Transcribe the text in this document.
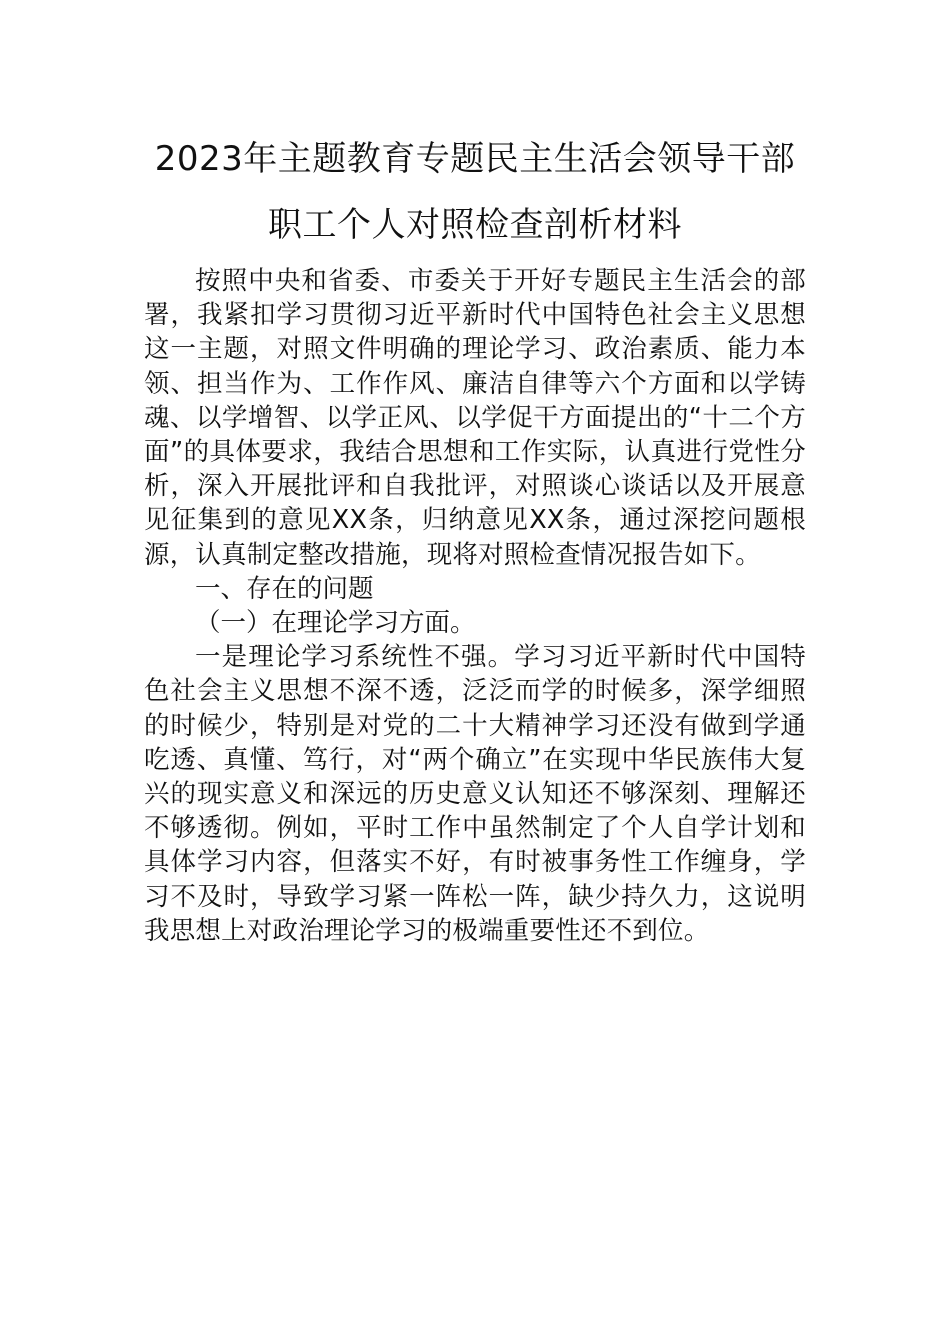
2023年主题教育专题民主生活会领导干部
职工个人对照检查剖析材料

按照中央和省委、市委关于开好专题民主生活会的部署，我紧扣学习贯彻习近平新时代中国特色社会主义思想这一主题，对照文件明确的理论学习、政治素质、能力本领、担当作为、工作作风、廉洁自律等六个方面和以学铸魂、以学增智、以学正风、以学促干方面提出的“十二个方面”的具体要求，我结合思想和工作实际，认真进行党性分析，深入开展批评和自我批评，对照谈心谈话以及开展意见征集到的意见XX条，归纳意见XX条，通过深挖问题根源，认真制定整改措施，现将对照检查情况报告如下。

一、存在的问题

（一）在理论学习方面。

一是理论学习系统性不强。学习习近平新时代中国特色社会主义思想不深不透，泛泛而学的时候多，深学细照的时候少，特别是对党的二十大精神学习还没有做到学通吃透、真懂、笃行，对“两个确立”在实现中华民族伟大复兴的现实意义和深远的历史意义认知还不够深刻、理解还不够透彻。例如，平时工作中虽然制定了个人自学计划和具体学习内容，但落实不好，有时被事务性工作缠身，学习不及时，导致学习紧一阵松一阵，缺少持久力，这说明我思想上对政治理论学习的极端重要性还不到位。
